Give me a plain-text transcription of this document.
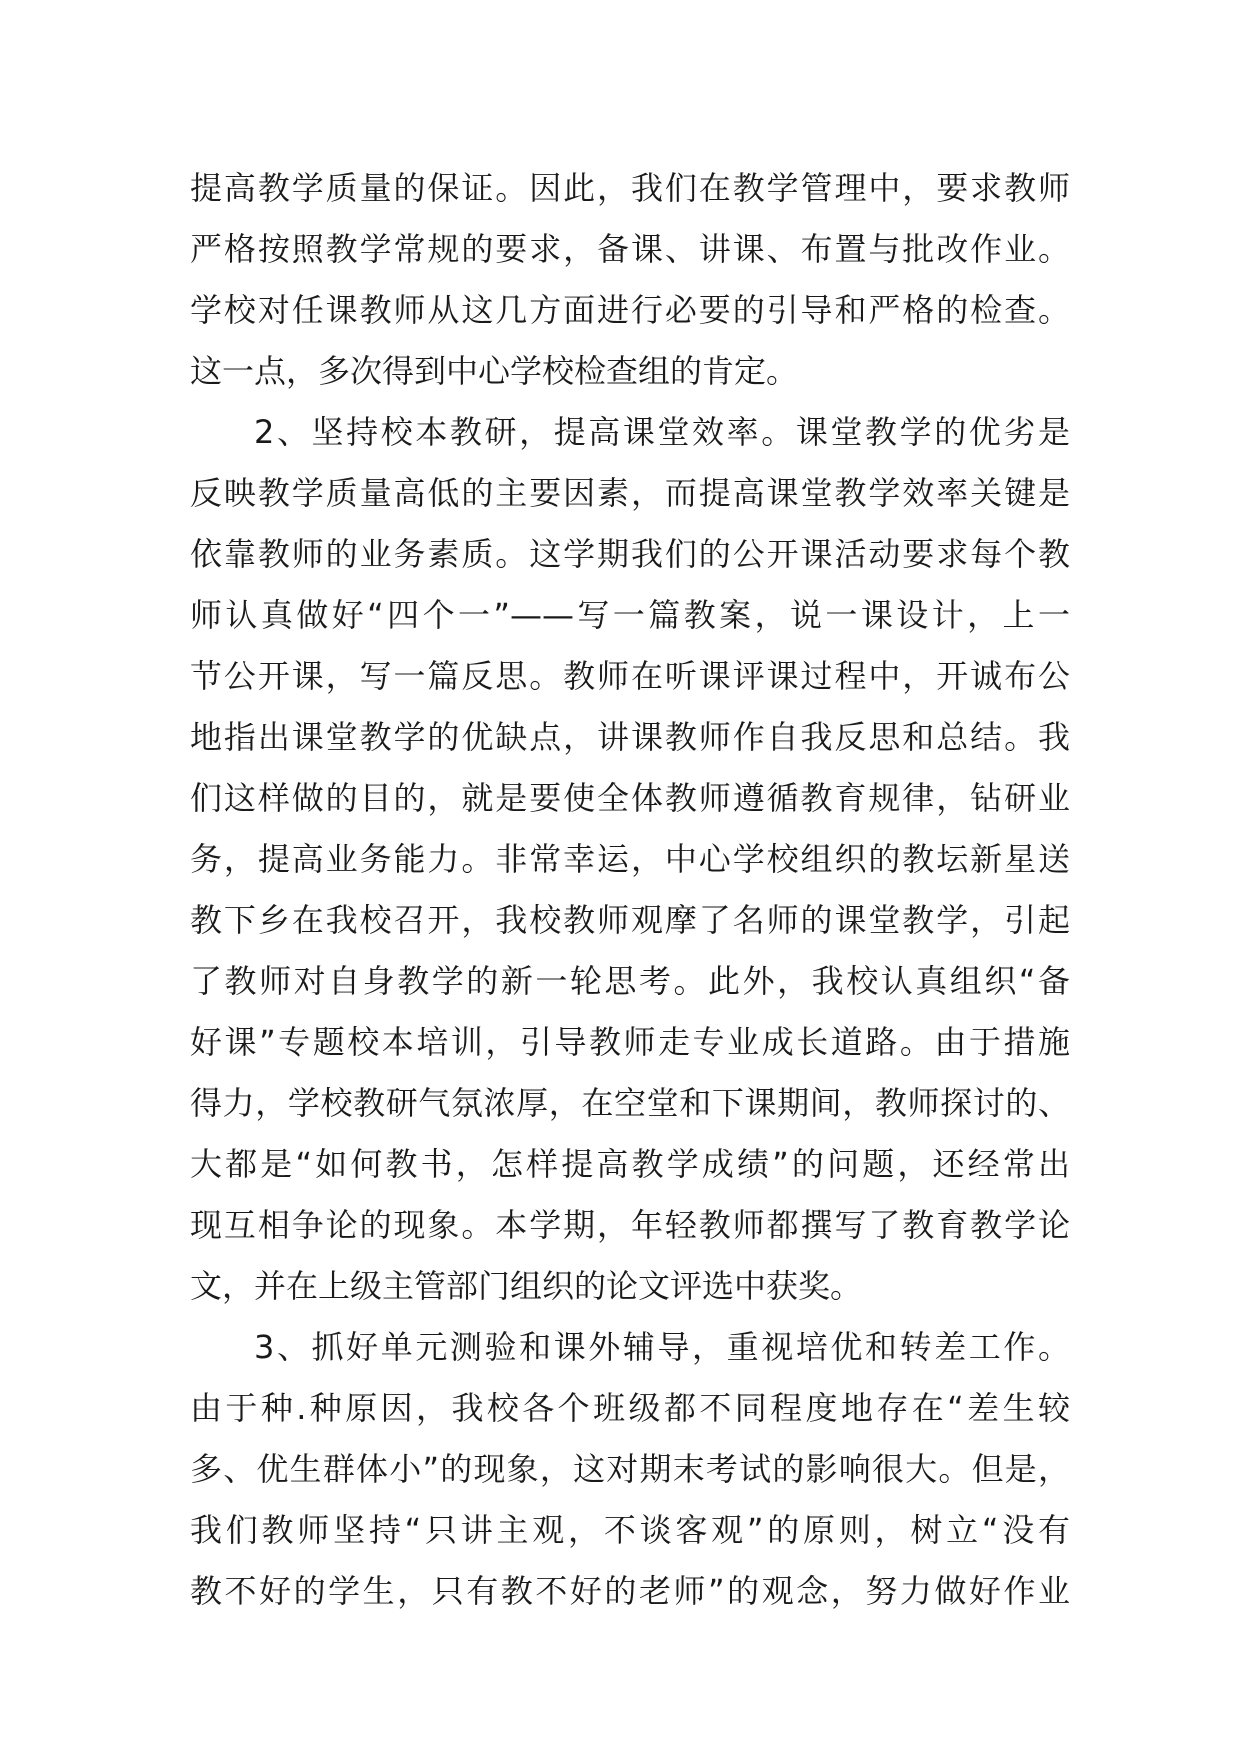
提高教学质量的保证。因此，我们在教学管理中，要求教师
严格按照教学常规的要求，备课、讲课、布置与批改作业。
学校对任课教师从这几方面进行必要的引导和严格的检查。
这一点，多次得到中心学校检查组的肯定。
2、坚持校本教研，提高课堂效率。课堂教学的优劣是
反映教学质量高低的主要因素，而提高课堂教学效率关键是
依靠教师的业务素质。这学期我们的公开课活动要求每个教
师认真做好“四个一”——写一篇教案，说一课设计，上一
节公开课，写一篇反思。教师在听课评课过程中，开诚布公
地指出课堂教学的优缺点，讲课教师作自我反思和总结。我
们这样做的目的，就是要使全体教师遵循教育规律，钻研业
务，提高业务能力。非常幸运，中心学校组织的教坛新星送
教下乡在我校召开，我校教师观摩了名师的课堂教学，引起
了教师对自身教学的新一轮思考。此外，我校认真组织“备
好课”专题校本培训，引导教师走专业成长道路。由于措施
得力，学校教研气氛浓厚，在空堂和下课期间，教师探讨的、
大都是“如何教书，怎样提高教学成绩”的问题，还经常出
现互相争论的现象。本学期，年轻教师都撰写了教育教学论
文，并在上级主管部门组织的论文评选中获奖。
3、抓好单元测验和课外辅导，重视培优和转差工作。
由于种.种原因，我校各个班级都不同程度地存在“差生较
多、优生群体小”的现象，这对期末考试的影响很大。但是，
我们教师坚持“只讲主观，不谈客观”的原则，树立“没有
教不好的学生，只有教不好的老师”的观念，努力做好作业
